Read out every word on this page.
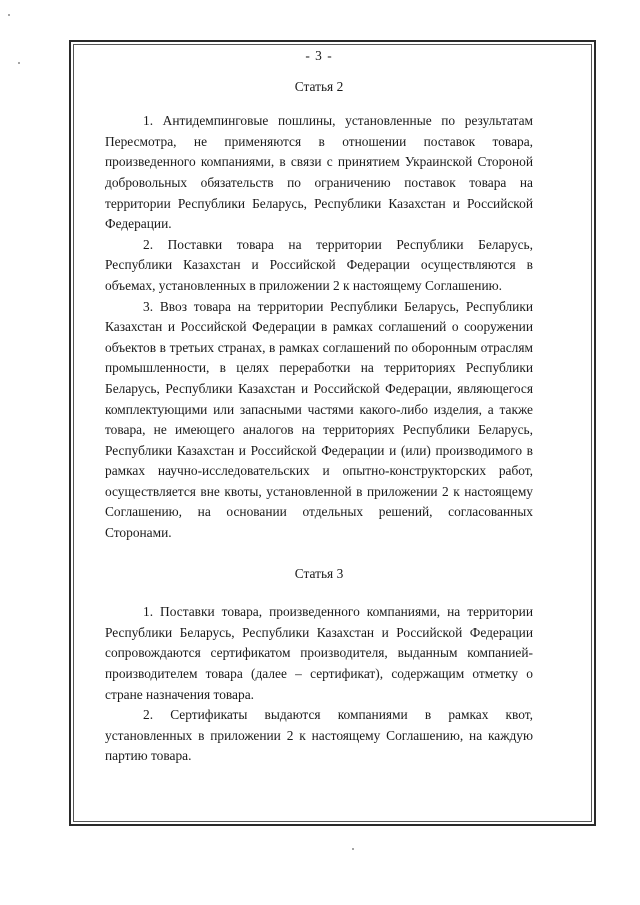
- 3 -
Статья 2

1. Антидемпинговые пошлины, установленные по результатам Пересмотра, не применяются в отношении поставок товара, произведенного компаниями, в связи с принятием Украинской Стороной добровольных обязательств по ограничению поставок товара на территории Республики Беларусь, Республики Казахстан и Российской Федерации.

2. Поставки товара на территории Республики Беларусь, Республики Казахстан и Российской Федерации осуществляются в объемах, установленных в приложении 2 к настоящему Соглашению.

3. Ввоз товара на территории Республики Беларусь, Республики Казахстан и Российской Федерации в рамках соглашений о сооружении объектов в третьих странах, в рамках соглашений по оборонным отраслям промышленности, в целях переработки на территориях Республики Беларусь, Республики Казахстан и Российской Федерации, являющегося комплектующими или запасными частями какого-либо изделия, а также товара, не имеющего аналогов на территориях Республики Беларусь, Республики Казахстан и Российской Федерации и (или) производимого в рамках научно-исследовательских и опытно-конструкторских работ, осуществляется вне квоты, установленной в приложении 2 к настоящему Соглашению, на основании отдельных решений, согласованных Сторонами.

Статья 3

1. Поставки товара, произведенного компаниями, на территории Республики Беларусь, Республики Казахстан и Российской Федерации сопровождаются сертификатом производителя, выданным компанией-производителем товара (далее – сертификат), содержащим отметку о стране назначения товара.

2. Сертификаты выдаются компаниями в рамках квот, установленных в приложении 2 к настоящему Соглашению, на каждую партию товара.
